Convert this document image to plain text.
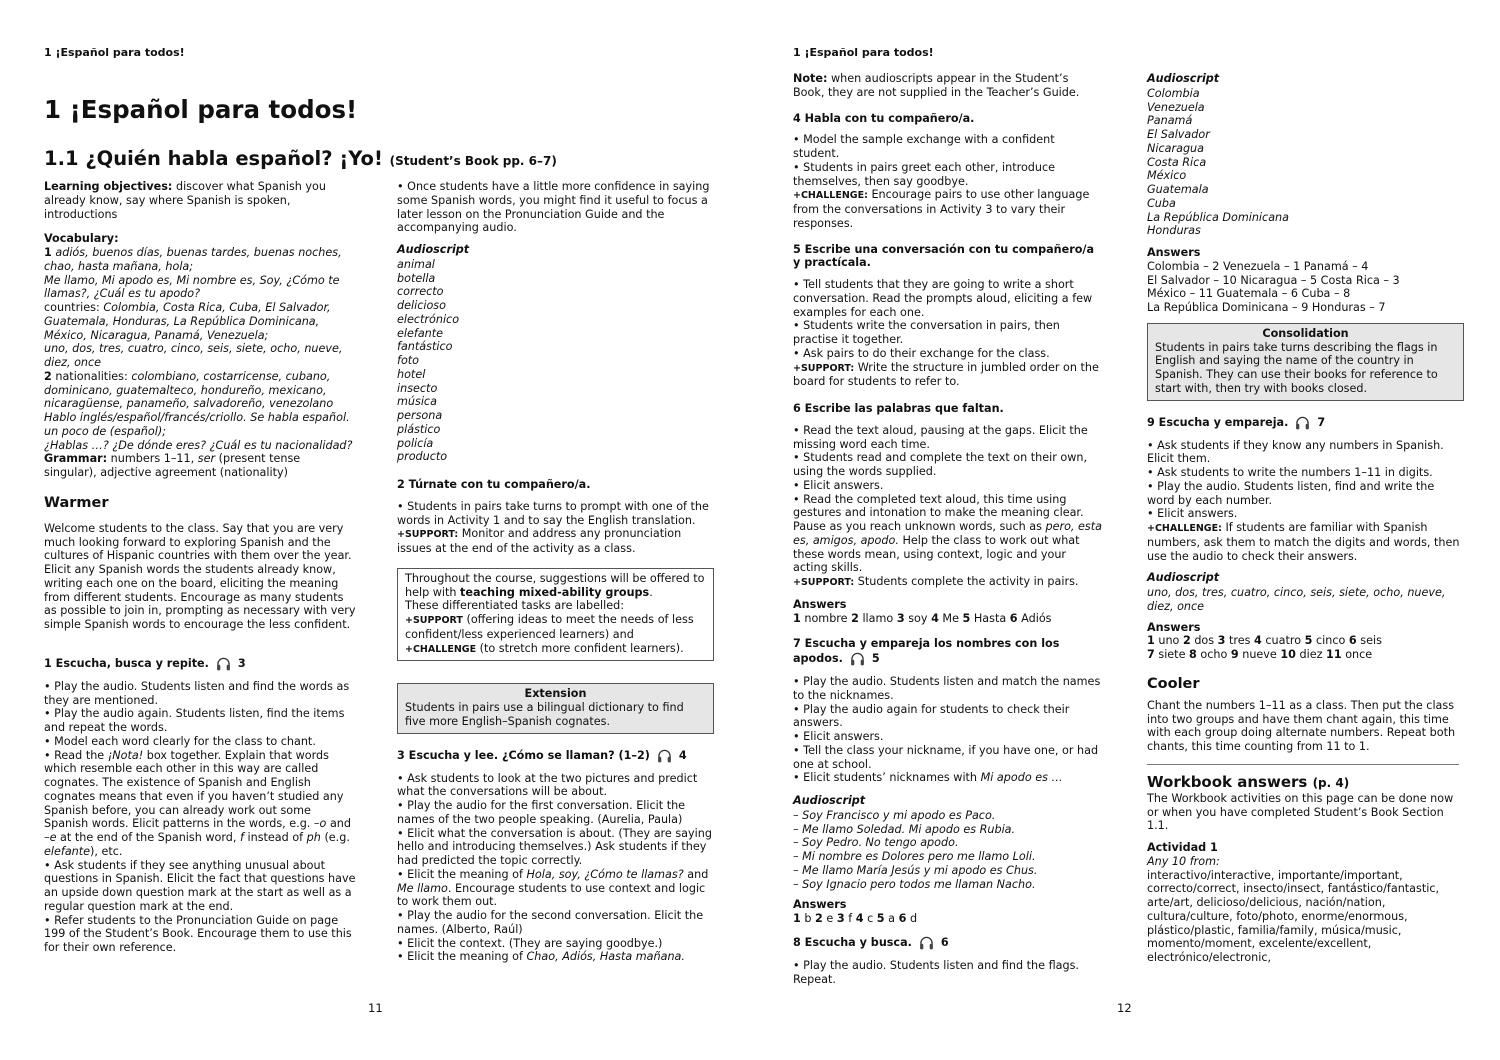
1 ¡Español para todos!
1 ¡Español para todos!
1.1 ¿Quién habla español? ¡Yo! (Student’s Book pp. 6–7)
Learning objectives: discover what Spanish you already know, say where Spanish is spoken, introductions
Vocabulary:
1 adiós, buenos días, buenas tardes, buenas noches, chao, hasta mañana, hola;
Me llamo, Mi apodo es, Mi nombre es, Soy, ¿Cómo te llamas?, ¿Cuál es tu apodo?
countries: Colombia, Costa Rica, Cuba, El Salvador, Guatemala, Honduras, La República Dominicana, México, Nicaragua, Panamá, Venezuela;
uno, dos, tres, cuatro, cinco, seis, siete, ocho, nueve, diez, once
2 nationalities: colombiano, costarricense, cubano, dominicano, guatemalteco, hondureño, mexicano, nicaragüense, panameño, salvadoreño, venezolano
Hablo inglés/español/francés/criollo. Se habla español. un poco de (español);
¿Hablas …? ¿De dónde eres? ¿Cuál es tu nacionalidad?
Grammar: numbers 1–11, ser (present tense singular), adjective agreement (nationality)
Warmer
Welcome students to the class. Say that you are very much looking forward to exploring Spanish and the cultures of Hispanic countries with them over the year. Elicit any Spanish words the students already know, writing each one on the board, eliciting the meaning from different students. Encourage as many students as possible to join in, prompting as necessary with very simple Spanish words to encourage the less confident.
1 Escucha, busca y repite.	3
• Play the audio. Students listen and find the words as they are mentioned.
• Play the audio again. Students listen, find the items and repeat the words.
• Model each word clearly for the class to chant.
• Read the ¡Nota! box together. Explain that words which resemble each other in this way are called cognates. The existence of Spanish and English cognates means that even if you haven’t studied any Spanish before, you can already work out some Spanish words. Elicit patterns in the words, e.g. –o and –e at the end of the Spanish word, f instead of ph (e.g. elefante), etc.
• Ask students if they see anything unusual about questions in Spanish. Elicit the fact that questions have an upside down question mark at the start as well as a regular question mark at the end.
• Refer students to the Pronunciation Guide on page 199 of the Student’s Book. Encourage them to use this for their own reference.
• Once students have a little more confidence in saying some Spanish words, you might find it useful to focus a later lesson on the Pronunciation Guide and the accompanying audio.
Audioscript
animal
botella
correcto
delicioso
electrónico
elefante
fantástico
foto
hotel
insecto
música
persona
plástico
policía
producto
2 Túrnate con tu compañero/a.
• Students in pairs take turns to prompt with one of the words in Activity 1 and to say the English translation.
+SUPPORT: Monitor and address any pronunciation issues at the end of the activity as a class.
Throughout the course, suggestions will be offered to help with teaching mixed-ability groups.
These differentiated tasks are labelled:
+SUPPORT (offering ideas to meet the needs of less confident/less experienced learners) and
+CHALLENGE (to stretch more confident learners).
Extension
Students in pairs use a bilingual dictionary to find five more English–Spanish cognates.
3 Escucha y lee. ¿Cómo se llaman? (1–2)	4
• Ask students to look at the two pictures and predict what the conversations will be about.
• Play the audio for the first conversation. Elicit the names of the two people speaking. (Aurelia, Paula)
• Elicit what the conversation is about. (They are saying hello and introducing themselves.) Ask students if they had predicted the topic correctly.
• Elicit the meaning of Hola, soy, ¿Cómo te llamas? and Me llamo. Encourage students to use context and logic to work them out.
• Play the audio for the second conversation. Elicit the names. (Alberto, Raúl)
• Elicit the context. (They are saying goodbye.)
• Elicit the meaning of Chao, Adiós, Hasta mañana.
11
1 ¡Español para todos!
Note: when audioscripts appear in the Student’s Book, they are not supplied in the Teacher’s Guide.
4 Habla con tu compañero/a.
• Model the sample exchange with a confident student.
• Students in pairs greet each other, introduce themselves, then say goodbye.
+CHALLENGE: Encourage pairs to use other language from the conversations in Activity 3 to vary their responses.
5 Escribe una conversación con tu compañero/a y practícala.
• Tell students that they are going to write a short conversation. Read the prompts aloud, eliciting a few examples for each one.
• Students write the conversation in pairs, then practise it together.
• Ask pairs to do their exchange for the class.
+SUPPORT: Write the structure in jumbled order on the board for students to refer to.
6 Escribe las palabras que faltan.
• Read the text aloud, pausing at the gaps. Elicit the missing word each time.
• Students read and complete the text on their own, using the words supplied.
• Elicit answers.
• Read the completed text aloud, this time using gestures and intonation to make the meaning clear. Pause as you reach unknown words, such as pero, esta es, amigos, apodo. Help the class to work out what these words mean, using context, logic and your acting skills.
+SUPPORT: Students complete the activity in pairs.
Answers
1 nombre 2 llamo 3 soy 4 Me 5 Hasta 6 Adiós
7 Escucha y empareja los nombres con los apodos.	5
• Play the audio. Students listen and match the names to the nicknames.
• Play the audio again for students to check their answers.
• Elicit answers.
• Tell the class your nickname, if you have one, or had one at school.
• Elicit students’ nicknames with Mi apodo es …
Audioscript
– Soy Francisco y mi apodo es Paco.
– Me llamo Soledad. Mi apodo es Rubia.
– Soy Pedro. No tengo apodo.
– Mi nombre es Dolores pero me llamo Loli.
– Me llamo María Jesús y mi apodo es Chus.
– Soy Ignacio pero todos me llaman Nacho.
Answers
1 b 2 e 3 f 4 c 5 a 6 d
8 Escucha y busca.	6
• Play the audio. Students listen and find the flags. Repeat.
Audioscript
Colombia
Venezuela
Panamá
El Salvador
Nicaragua
Costa Rica
México
Guatemala
Cuba
La República Dominicana
Honduras
Answers
Colombia – 2 Venezuela – 1 Panamá – 4
El Salvador – 10 Nicaragua – 5 Costa Rica – 3
México – 11 Guatemala – 6 Cuba – 8
La República Dominicana – 9 Honduras – 7
Consolidation
Students in pairs take turns describing the flags in English and saying the name of the country in Spanish. They can use their books for reference to start with, then try with books closed.
9 Escucha y empareja.	7
• Ask students if they know any numbers in Spanish. Elicit them.
• Ask students to write the numbers 1–11 in digits.
• Play the audio. Students listen, find and write the word by each number.
• Elicit answers.
+CHALLENGE: If students are familiar with Spanish numbers, ask them to match the digits and words, then use the audio to check their answers.
Audioscript
uno, dos, tres, cuatro, cinco, seis, siete, ocho, nueve, diez, once
Answers
1 uno 2 dos 3 tres 4 cuatro 5 cinco 6 seis
7 siete 8 ocho 9 nueve 10 diez 11 once
Cooler
Chant the numbers 1–11 as a class. Then put the class into two groups and have them chant again, this time with each group doing alternate numbers. Repeat both chants, this time counting from 11 to 1.
Workbook answers (p. 4)
The Workbook activities on this page can be done now or when you have completed Student’s Book Section 1.1.
Actividad 1
Any 10 from:
interactivo/interactive, importante/important, correcto/correct, insecto/insect, fantástico/fantastic, arte/art, delicioso/delicious, nación/nation, cultura/culture, foto/photo, enorme/enormous, plástico/plastic, familia/family, música/music, momento/moment, excelente/excellent, electrónico/electronic,
12
